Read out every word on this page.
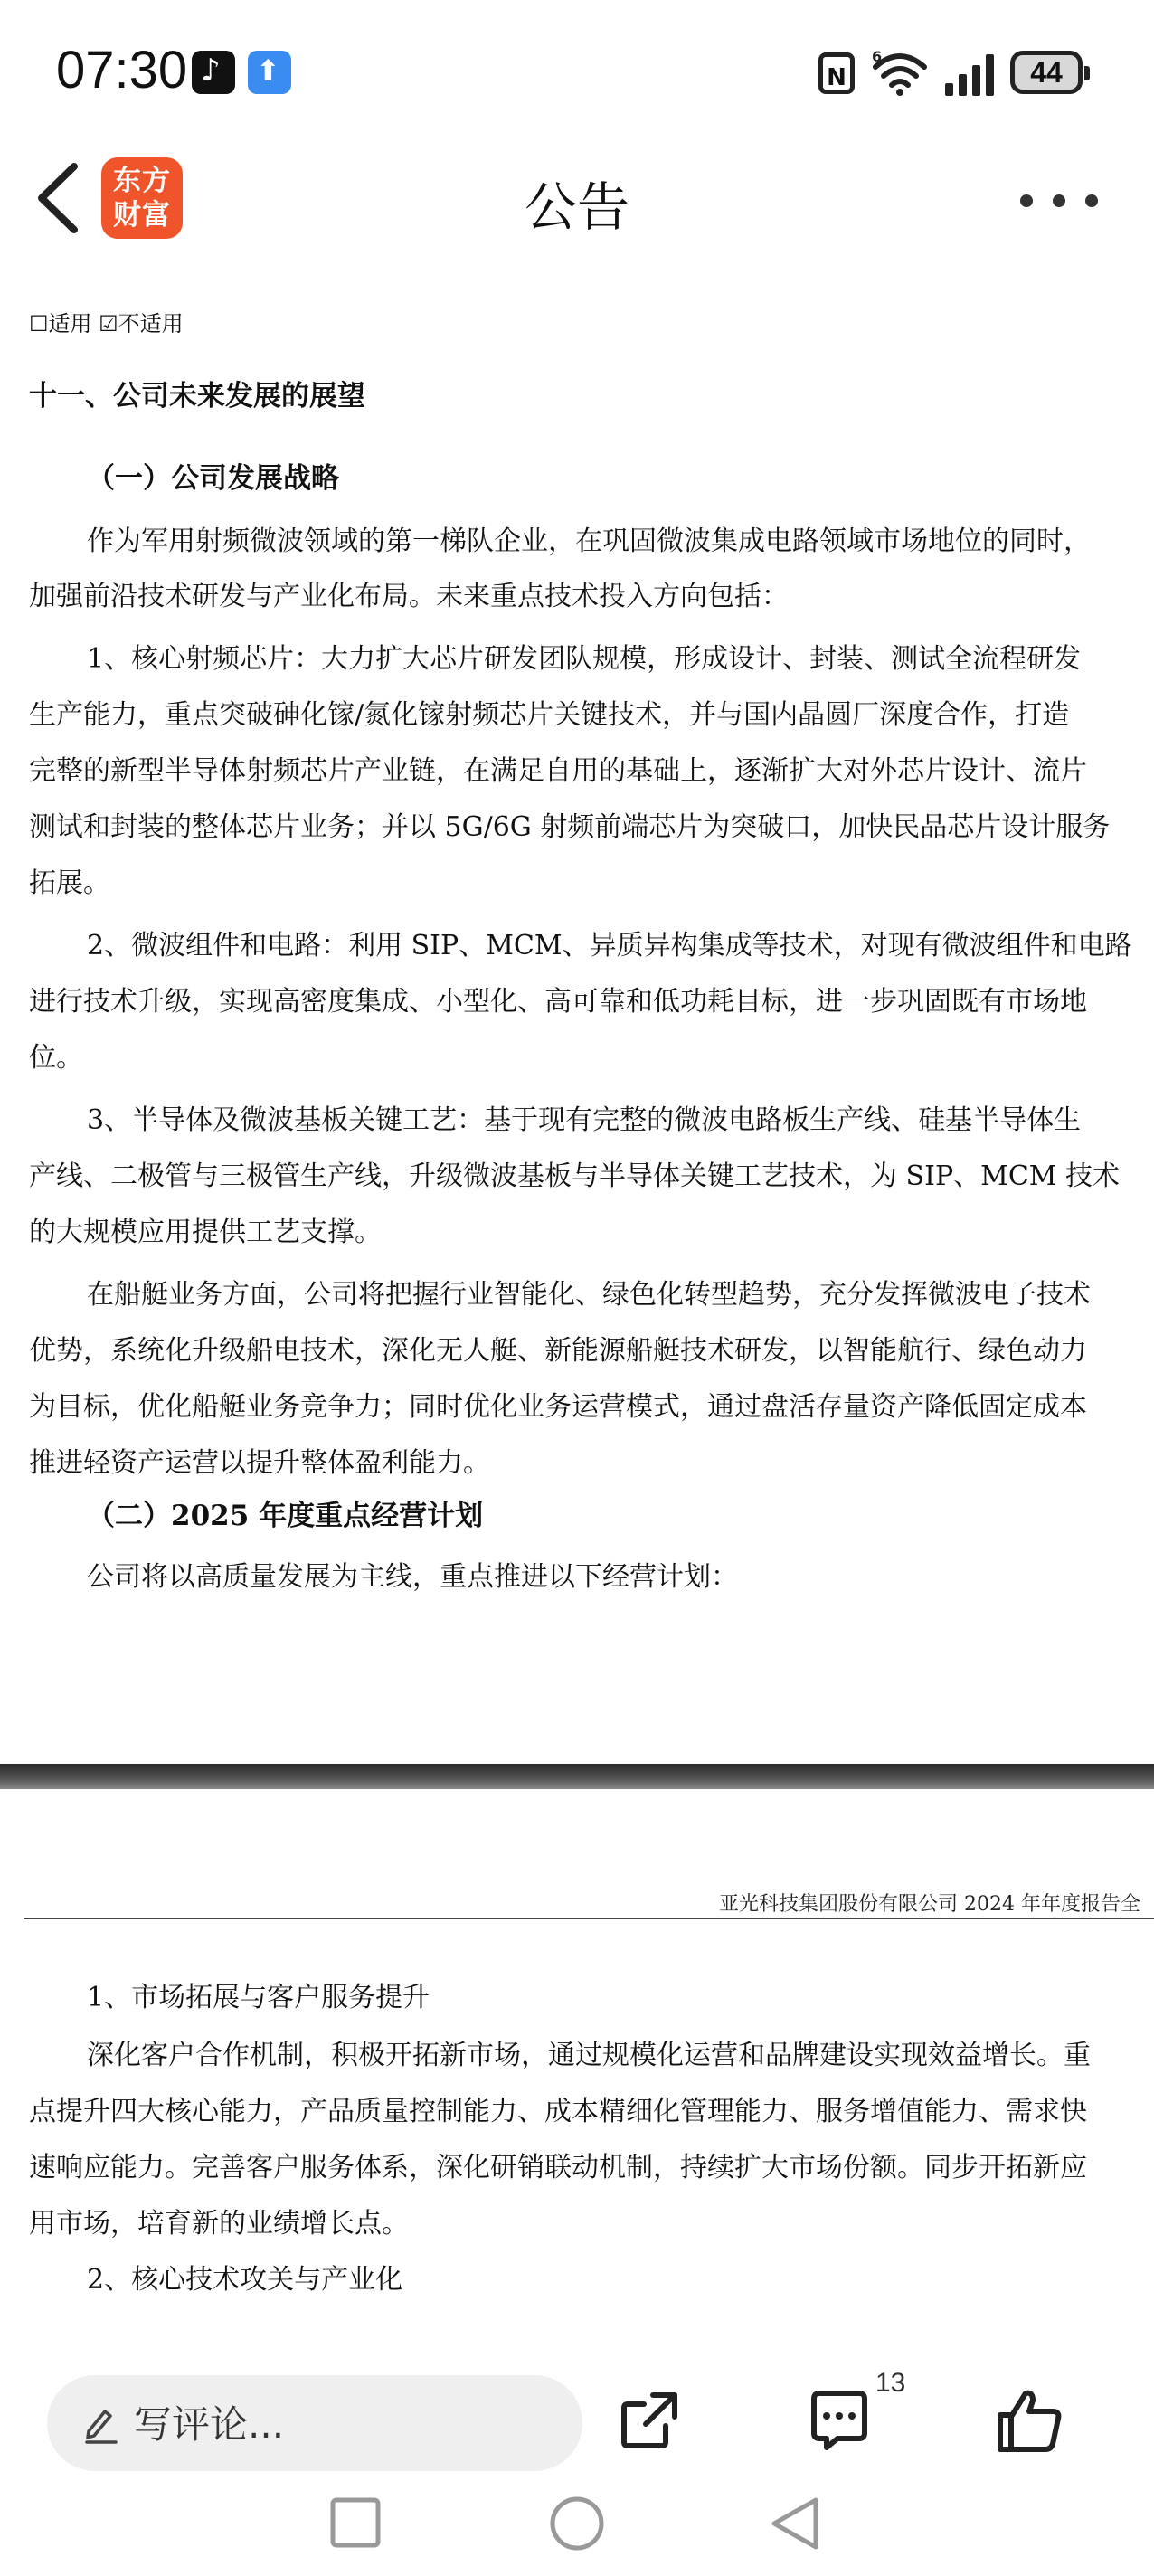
07:30 ♪ ⬆	N
6	44
东方
财富	公告
☐适用 ☑不适用
十一、公司未来发展的展望
（一）公司发展战略
作为军用射频微波领域的第一梯队企业，在巩固微波集成电路领域市场地位的同时，
加强前沿技术研发与产业化布局。未来重点技术投入方向包括：
1、核心射频芯片：大力扩大芯片研发团队规模，形成设计、封装、测试全流程研发
生产能力，重点突破砷化镓/氮化镓射频芯片关键技术，并与国内晶圆厂深度合作，打造
完整的新型半导体射频芯片产业链，在满足自用的基础上，逐渐扩大对外芯片设计、流片
测试和封装的整体芯片业务；并以 5G/6G 射频前端芯片为突破口，加快民品芯片设计服务
拓展。
2、微波组件和电路：利用 SIP、MCM、异质异构集成等技术，对现有微波组件和电路
进行技术升级，实现高密度集成、小型化、高可靠和低功耗目标，进一步巩固既有市场地
位。
3、半导体及微波基板关键工艺：基于现有完整的微波电路板生产线、硅基半导体生
产线、二极管与三极管生产线，升级微波基板与半导体关键工艺技术，为 SIP、MCM 技术
的大规模应用提供工艺支撑。
在船艇业务方面，公司将把握行业智能化、绿色化转型趋势，充分发挥微波电子技术
优势，系统化升级船电技术，深化无人艇、新能源船艇技术研发，以智能航行、绿色动力
为目标，优化船艇业务竞争力；同时优化业务运营模式，通过盘活存量资产降低固定成本
推进轻资产运营以提升整体盈利能力。
（二）2025 年度重点经营计划
公司将以高质量发展为主线，重点推进以下经营计划：
亚光科技集团股份有限公司 2024 年年度报告全
1、市场拓展与客户服务提升
深化客户合作机制，积极开拓新市场，通过规模化运营和品牌建设实现效益增长。重
点提升四大核心能力，产品质量控制能力、成本精细化管理能力、服务增值能力、需求快
速响应能力。完善客户服务体系，深化研销联动机制，持续扩大市场份额。同步开拓新应
用市场，培育新的业绩增长点。
2、核心技术攻关与产业化
写评论...
13
